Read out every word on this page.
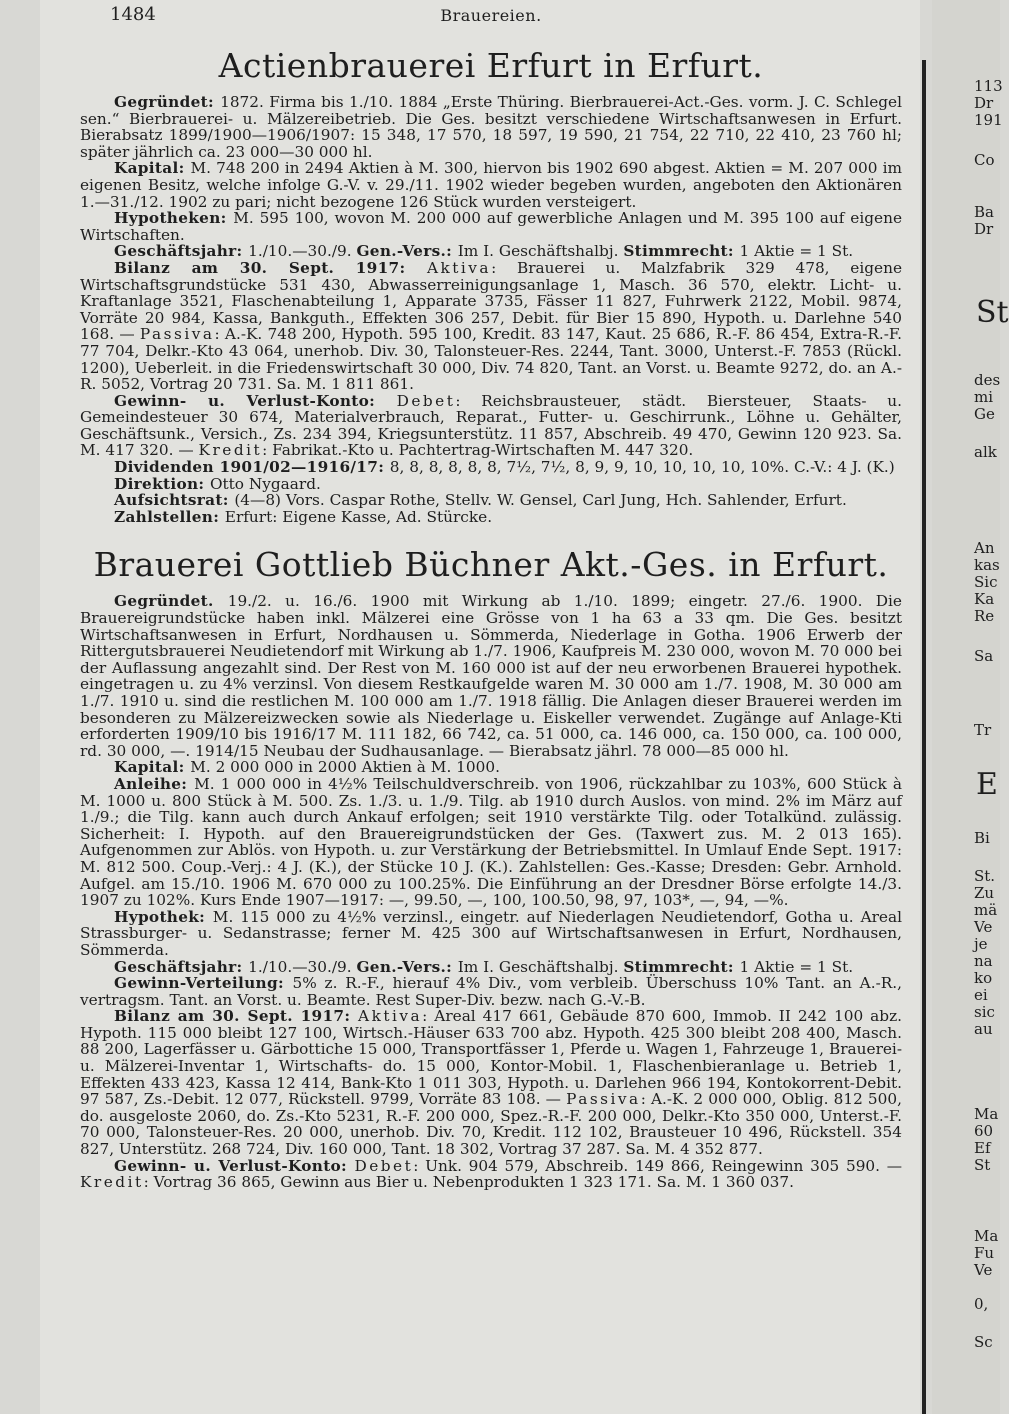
1484	Brauereien.
Actienbrauerei Erfurt in Erfurt.

Gegründet: 1872. Firma bis 1./10. 1884 „Erste Thüring. Bierbrauerei-Act.-Ges. vorm. J. C. Schlegel sen.“ Bierbrauerei- u. Mälzereibetrieb. Die Ges. besitzt verschiedene Wirtschaftsanwesen in Erfurt. Bierabsatz 1899/1900—1906/1907: 15 348, 17 570, 18 597, 19 590, 21 754, 22 710, 22 410, 23 760 hl; später jährlich ca. 23 000—30 000 hl.

Kapital: M. 748 200 in 2494 Aktien à M. 300, hiervon bis 1902 690 abgest. Aktien = M. 207 000 im eigenen Besitz, welche infolge G.-V. v. 29./11. 1902 wieder begeben wurden, angeboten den Aktionären 1.—31./12. 1902 zu pari; nicht bezogene 126 Stück wurden versteigert.

Hypotheken: M. 595 100, wovon M. 200 000 auf gewerbliche Anlagen und M. 395 100 auf eigene Wirtschaften.

Geschäftsjahr: 1./10.—30./9. Gen.-Vers.: Im I. Geschäftshalbj. Stimmrecht: 1 Aktie = 1 St.

Bilanz am 30. Sept. 1917: Aktiva: Brauerei u. Malzfabrik 329 478, eigene Wirtschaftsgrundstücke 531 430, Abwasserreinigungsanlage 1, Masch. 36 570, elektr. Licht- u. Kraftanlage 3521, Flaschenabteilung 1, Apparate 3735, Fässer 11 827, Fuhrwerk 2122, Mobil. 9874, Vorräte 20 984, Kassa, Bankguth., Effekten 306 257, Debit. für Bier 15 890, Hypoth. u. Darlehne 540 168. — Passiva: A.-K. 748 200, Hypoth. 595 100, Kredit. 83 147, Kaut. 25 686, R.-F. 86 454, Extra-R.-F. 77 704, Delkr.-Kto 43 064, unerhob. Div. 30, Talonsteuer-Res. 2244, Tant. 3000, Unterst.-F. 7853 (Rückl. 1200), Ueberleit. in die Friedenswirtschaft 30 000, Div. 74 820, Tant. an Vorst. u. Beamte 9272, do. an A.-R. 5052, Vortrag 20 731. Sa. M. 1 811 861.

Gewinn- u. Verlust-Konto: Debet: Reichsbrausteuer, städt. Biersteuer, Staats- u. Gemeindesteuer 30 674, Materialverbrauch, Reparat., Futter- u. Geschirrunk., Löhne u. Gehälter, Geschäftsunk., Versich., Zs. 234 394, Kriegsunterstütz. 11 857, Abschreib. 49 470, Gewinn 120 923. Sa. M. 417 320. — Kredit: Fabrikat.-Kto u. Pachtertrag-Wirtschaften M. 447 320.

Dividenden 1901/02—1916/17: 8, 8, 8, 8, 8, 8, 7½, 7½, 8, 9, 9, 10, 10, 10, 10, 10%. C.-V.: 4 J. (K.)

Direktion: Otto Nygaard.

Aufsichtsrat: (4—8) Vors. Caspar Rothe, Stellv. W. Gensel, Carl Jung, Hch. Sahlender, Erfurt.

Zahlstellen: Erfurt: Eigene Kasse, Ad. Stürcke.

Brauerei Gottlieb Büchner Akt.-Ges. in Erfurt.

Gegründet. 19./2. u. 16./6. 1900 mit Wirkung ab 1./10. 1899; eingetr. 27./6. 1900. Die Brauereigrundstücke haben inkl. Mälzerei eine Grösse von 1 ha 63 a 33 qm. Die Ges. besitzt Wirtschaftsanwesen in Erfurt, Nordhausen u. Sömmerda, Niederlage in Gotha. 1906 Erwerb der Rittergutsbrauerei Neudietendorf mit Wirkung ab 1./7. 1906, Kaufpreis M. 230 000, wovon M. 70 000 bei der Auflassung angezahlt sind. Der Rest von M. 160 000 ist auf der neu erworbenen Brauerei hypothek. eingetragen u. zu 4% verzinsl. Von diesem Restkaufgelde waren M. 30 000 am 1./7. 1908, M. 30 000 am 1./7. 1910 u. sind die restlichen M. 100 000 am 1./7. 1918 fällig. Die Anlagen dieser Brauerei werden im besonderen zu Mälzereizwecken sowie als Niederlage u. Eiskeller verwendet. Zugänge auf Anlage-Kti erforderten 1909/10 bis 1916/17 M. 111 182, 66 742, ca. 51 000, ca. 146 000, ca. 150 000, ca. 100 000, rd. 30 000, —. 1914/15 Neubau der Sudhausanlage. — Bierabsatz jährl. 78 000—85 000 hl.

Kapital: M. 2 000 000 in 2000 Aktien à M. 1000.

Anleihe: M. 1 000 000 in 4½% Teilschuldverschreib. von 1906, rückzahlbar zu 103%, 600 Stück à M. 1000 u. 800 Stück à M. 500. Zs. 1./3. u. 1./9. Tilg. ab 1910 durch Auslos. von mind. 2% im März auf 1./9.; die Tilg. kann auch durch Ankauf erfolgen; seit 1910 verstärkte Tilg. oder Totalkünd. zulässig. Sicherheit: I. Hypoth. auf den Brauereigrundstücken der Ges. (Taxwert zus. M. 2 013 165). Aufgenommen zur Ablös. von Hypoth. u. zur Verstärkung der Betriebsmittel. In Umlauf Ende Sept. 1917: M. 812 500. Coup.-Verj.: 4 J. (K.), der Stücke 10 J. (K.). Zahlstellen: Ges.-Kasse; Dresden: Gebr. Arnhold. Aufgel. am 15./10. 1906 M. 670 000 zu 100.25%. Die Einführung an der Dresdner Börse erfolgte 14./3. 1907 zu 102%. Kurs Ende 1907—1917: —, 99.50, —, 100, 100.50, 98, 97, 103*, —, 94, —%.

Hypothek: M. 115 000 zu 4½% verzinsl., eingetr. auf Niederlagen Neudietendorf, Gotha u. Areal Strassburger- u. Sedanstrasse; ferner M. 425 300 auf Wirtschaftsanwesen in Erfurt, Nordhausen, Sömmerda.

Geschäftsjahr: 1./10.—30./9. Gen.-Vers.: Im I. Geschäftshalbj. Stimmrecht: 1 Aktie = 1 St.

Gewinn-Verteilung: 5% z. R.-F., hierauf 4% Div., vom verbleib. Überschuss 10% Tant. an A.-R., vertragsm. Tant. an Vorst. u. Beamte. Rest Super-Div. bezw. nach G.-V.-B.

Bilanz am 30. Sept. 1917: Aktiva: Areal 417 661, Gebäude 870 600, Immob. II 242 100 abz. Hypoth. 115 000 bleibt 127 100, Wirtsch.-Häuser 633 700 abz. Hypoth. 425 300 bleibt 208 400, Masch. 88 200, Lagerfässer u. Gärbottiche 15 000, Transportfässer 1, Pferde u. Wagen 1, Fahrzeuge 1, Brauerei- u. Mälzerei-Inventar 1, Wirtschafts- do. 15 000, Kontor-Mobil. 1, Flaschenbieranlage u. Betrieb 1, Effekten 433 423, Kassa 12 414, Bank-Kto 1 011 303, Hypoth. u. Darlehen 966 194, Kontokorrent-Debit. 97 587, Zs.-Debit. 12 077, Rückstell. 9799, Vorräte 83 108. — Passiva: A.-K. 2 000 000, Oblig. 812 500, do. ausgeloste 2060, do. Zs.-Kto 5231, R.-F. 200 000, Spez.-R.-F. 200 000, Delkr.-Kto 350 000, Unterst.-F. 70 000, Talonsteuer-Res. 20 000, unerhob. Div. 70, Kredit. 112 102, Brausteuer 10 496, Rückstell. 354 827, Unterstütz. 268 724, Div. 160 000, Tant. 18 302, Vortrag 37 287. Sa. M. 4 352 877.

Gewinn- u. Verlust-Konto: Debet: Unk. 904 579, Abschreib. 149 866, Reingewinn 305 590. — Kredit: Vortrag 36 865, Gewinn aus Bier u. Nebenprodukten 1 323 171. Sa. M. 1 360 037.

113
Dr
191
Co
Ba
Dr
St
des
mi
Ge
alk
An
kas
Sic
Ka
Re
Sa
Tr
E
Bi
St.
Zu
mä
Ve
je
na
ko
ei
sic
au
Ma
60
Ef
St
Ma
Fu
Ve
0,
Sc
